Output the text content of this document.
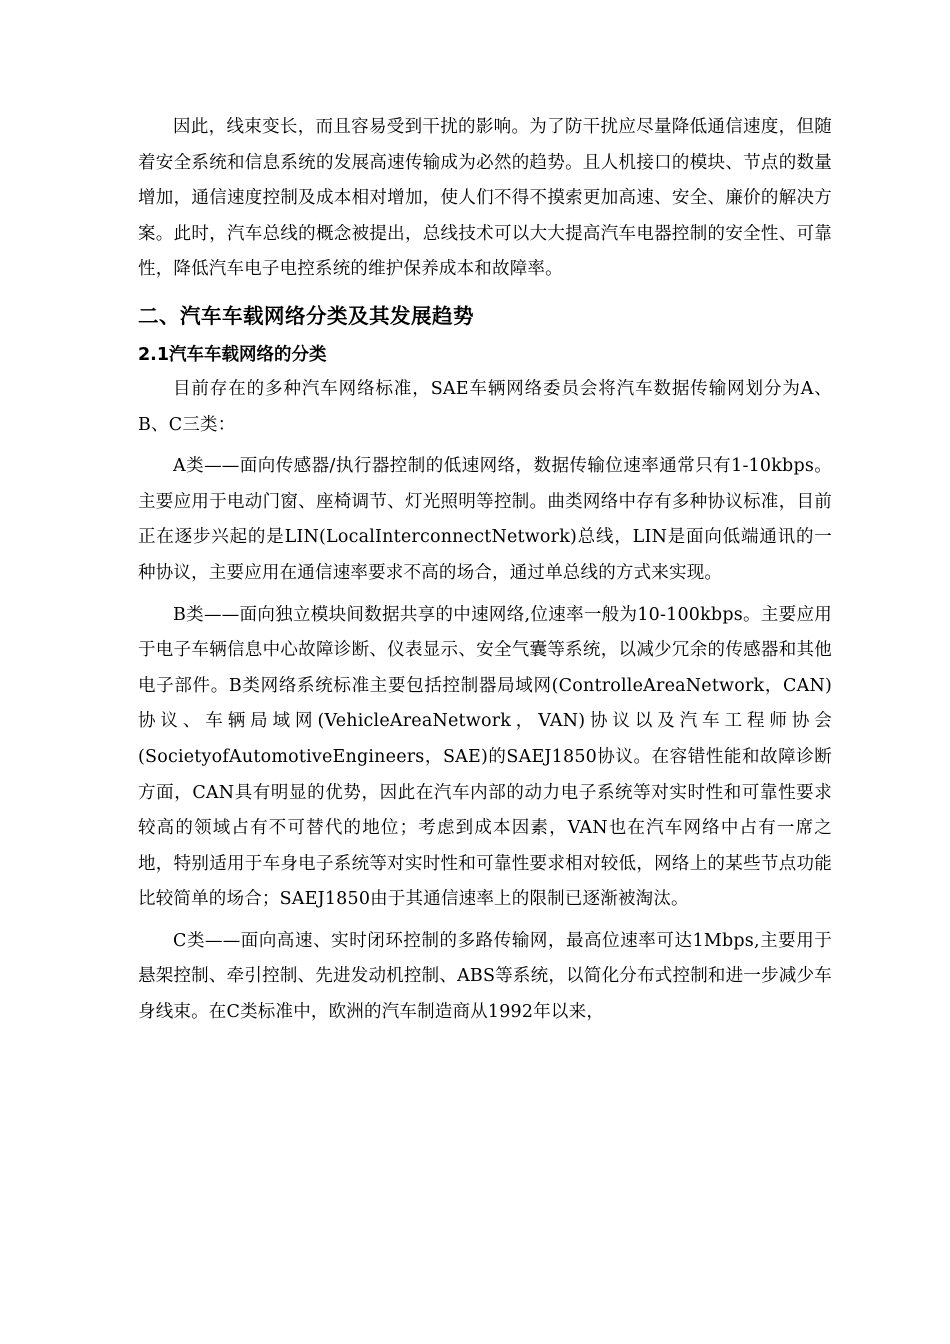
因此，线束变长，而且容易受到干扰的影响。为了防干扰应尽量降低通信速度，但随着安全系统和信息系统的发展高速传输成为必然的趋势。且人机接口的模块、节点的数量增加，通信速度控制及成本相对增加，使人们不得不摸索更加高速、安全、廉价的解决方案。此时，汽车总线的概念被提出，总线技术可以大大提高汽车电器控制的安全性、可靠性，降低汽车电子电控系统的维护保养成本和故障率。

二、汽车车载网络分类及其发展趋势
2.1汽车车载网络的分类

目前存在的多种汽车网络标准，SAE车辆网络委员会将汽车数据传输网划分为A、B、C三类：

A类——面向传感器/执行器控制的低速网络，数据传输位速率通常只有1-10kbps。主要应用于电动门窗、座椅调节、灯光照明等控制。曲类网络中存有多种协议标准，目前正在逐步兴起的是LIN(LocalInterconnectNetwork)总线，LIN是面向低端通讯的一种协议，主要应用在通信速率要求不高的场合，通过单总线的方式来实现。

B类——面向独立模块间数据共享的中速网络,位速率一般为10-100kbps。主要应用于电子车辆信息中心故障诊断、仪表显示、安全气囊等系统，以减少冗余的传感器和其他电子部件。B类网络系统标准主要包括控制器局域网(ControlleAreaNetwork，CAN)协议、车辆局域网(VehicleAreaNetwork，VAN)协议以及汽车工程师协会(SocietyofAutomotiveEngineers，SAE)的SAEJ1850协议。在容错性能和故障诊断方面，CAN具有明显的优势，因此在汽车内部的动力电子系统等对实时性和可靠性要求较高的领域占有不可替代的地位；考虑到成本因素，VAN也在汽车网络中占有一席之地，特别适用于车身电子系统等对实时性和可靠性要求相对较低，网络上的某些节点功能比较简单的场合；SAEJ1850由于其通信速率上的限制已逐渐被淘汰。

C类——面向高速、实时闭环控制的多路传输网，最高位速率可达1Mbps,主要用于悬架控制、牵引控制、先进发动机控制、ABS等系统，以简化分布式控制和进一步减少车身线束。在C类标准中，欧洲的汽车制造商从1992年以来，
